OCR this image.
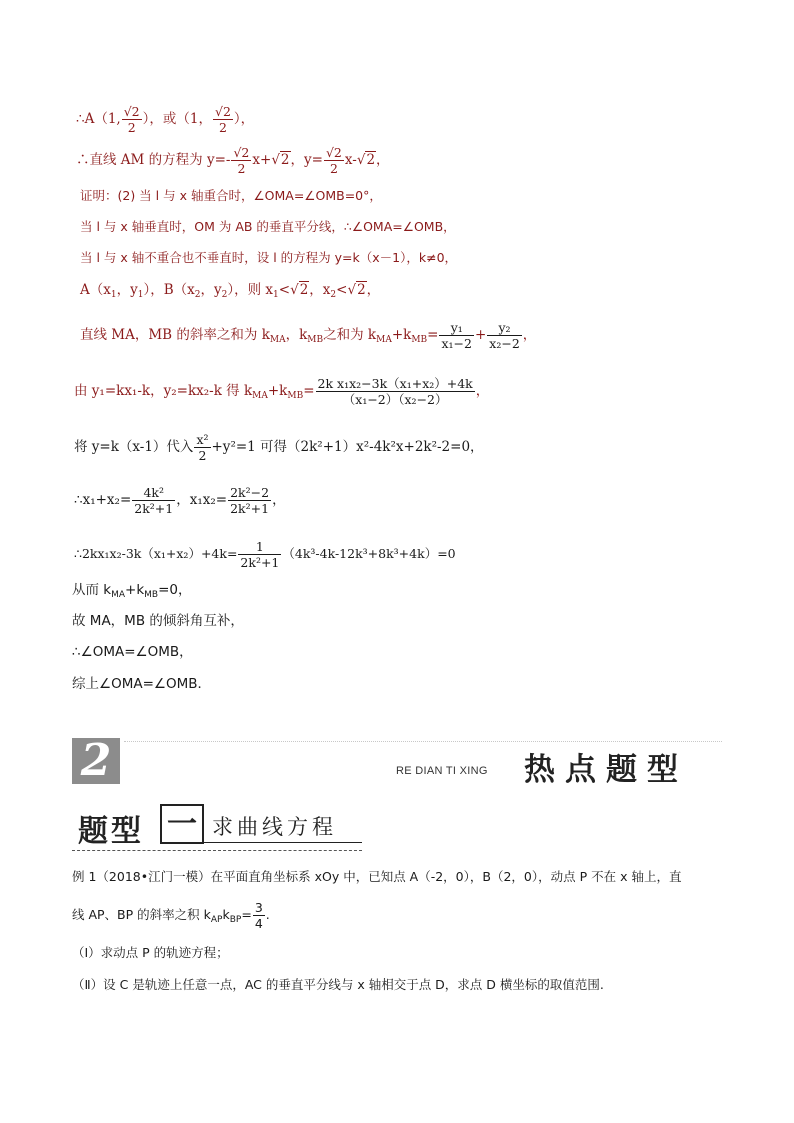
∴A（1, $\frac{√2}{2}$ ），或（1， $\frac{√2}{2}$ ），
∴直线 AM 的方程为 $y=- \frac{√2}{2} x+√2$，$y= \frac{√2}{2} x-√2$，
证明：(2) 当 l 与 x 轴重合时，∠OMA=∠OMB=0°，
当 l 与 x 轴垂直时，OM 为 AB 的垂直平分线，∴∠OMA=∠OMB，
当 l 与 x 轴不重合也不垂直时，设 l 的方程为 y=k（x－1），k≠0，
$A(x_1$，$y_1$），$B(x_2$，$y_2$），则 $x_1<√2$，$x_2<√2$，
直线 MA，MB 的斜率之和为 $k_{MA}$，$k_{MB}$之和为 $k_{MA}+k_{MB}= \frac{\text{y₁}}{\text{x₁−2}} + \frac{\text{y₂}}{\text{x₂−2}}$ ，
由 y₁=kx₁-k，y₂=kx₂-k 得 $k_{MA}+k_{MB}= \frac{\text{2k x₁x₂−3k（x₁+x₂）+4k}}{\text{（x₁−2）（x₂−2）}}$ ，
将 y=k（x-1）代入 $\frac{\text{x²}}{2} +y^2=1$ 可得（2k²+1）x²-4k²x+2k²-2=0，
∴x₁+x₂= $\frac{\text{4k²}}{\text{2k²+1}}$ ，$x_1x_2= \frac{\text{2k²−2}}{\text{2k²+1}}$ ，
∴2kx₁x₂-3k（x₁+x₂）+4k= $\frac{1}{\text{2k²+1}} (4k^3-4k-12k^3+8k^3+4k)=0$
从而 $k_{MA}+k_{MB}=0$，
故 MA，MB 的倾斜角互补，
∴∠OMA=∠OMB，
综上∠OMA=∠OMB．
2	RE DIAN TI XING 热点题型
题型 一 求曲线方程
例 1（2018•江门一模）在平面直角坐标系 xOy 中，已知点 A（-2，0），B（2，0），动点 P 不在 x 轴上，直
线 AP、BP 的斜率之积 $k_{AP}k_{BP}= \frac{3}{4}$ .
（Ⅰ）求动点 P 的轨迹方程；
（Ⅱ）设 C 是轨迹上任意一点，AC 的垂直平分线与 x 轴相交于点 D，求点 D 横坐标的取值范围.
